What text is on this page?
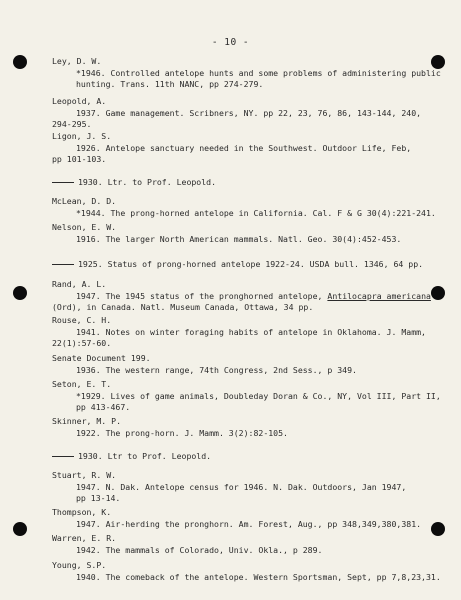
- 10 -
Ley, D. W.
*1946. Controlled antelope hunts and some problems of administering public
hunting. Trans. 11th NANC, pp 274-279.
Leopold, A.
1937. Game management. Scribners, NY. pp 22, 23, 76, 86, 143-144, 240,
294-295.
Ligon, J. S.
1926. Antelope sanctuary needed in the Southwest. Outdoor Life, Feb,
pp 101-103.
1930. Ltr. to Prof. Leopold.
McLean, D. D.
*1944. The prong-horned antelope in California. Cal. F & G 30(4):221-241.
Nelson, E. W.
1916. The larger North American mammals. Natl. Geo. 30(4):452-453.
1925. Status of prong-horned antelope 1922-24. USDA bull. 1346, 64 pp.
Rand, A. L.
1947. The 1945 status of the pronghorned antelope, Antilocapra americana
(Ord), in Canada. Natl. Museum Canada, Ottawa, 34 pp.
Rouse, C. H.
1941. Notes on winter foraging habits of antelope in Oklahoma. J. Mamm,
22(1):57-60.
Senate Document 199.
1936. The western range, 74th Congress, 2nd Sess., p 349.
Seton, E. T.
*1929. Lives of game animals, Doubleday Doran & Co., NY, Vol III, Part II,
pp 413-467.
Skinner, M. P.
1922. The prong-horn. J. Mamm. 3(2):82-105.
1930. Ltr to Prof. Leopold.
Stuart, R. W.
1947. N. Dak. Antelope census for 1946. N. Dak. Outdoors, Jan 1947,
pp 13-14.
Thompson, K.
1947. Air-herding the pronghorn. Am. Forest, Aug., pp 348,349,380,381.
Warren, E. R.
1942. The mammals of Colorado, Univ. Okla., p 289.
Young, S.P.
1940. The comeback of the antelope. Western Sportsman, Sept, pp 7,8,23,31.
